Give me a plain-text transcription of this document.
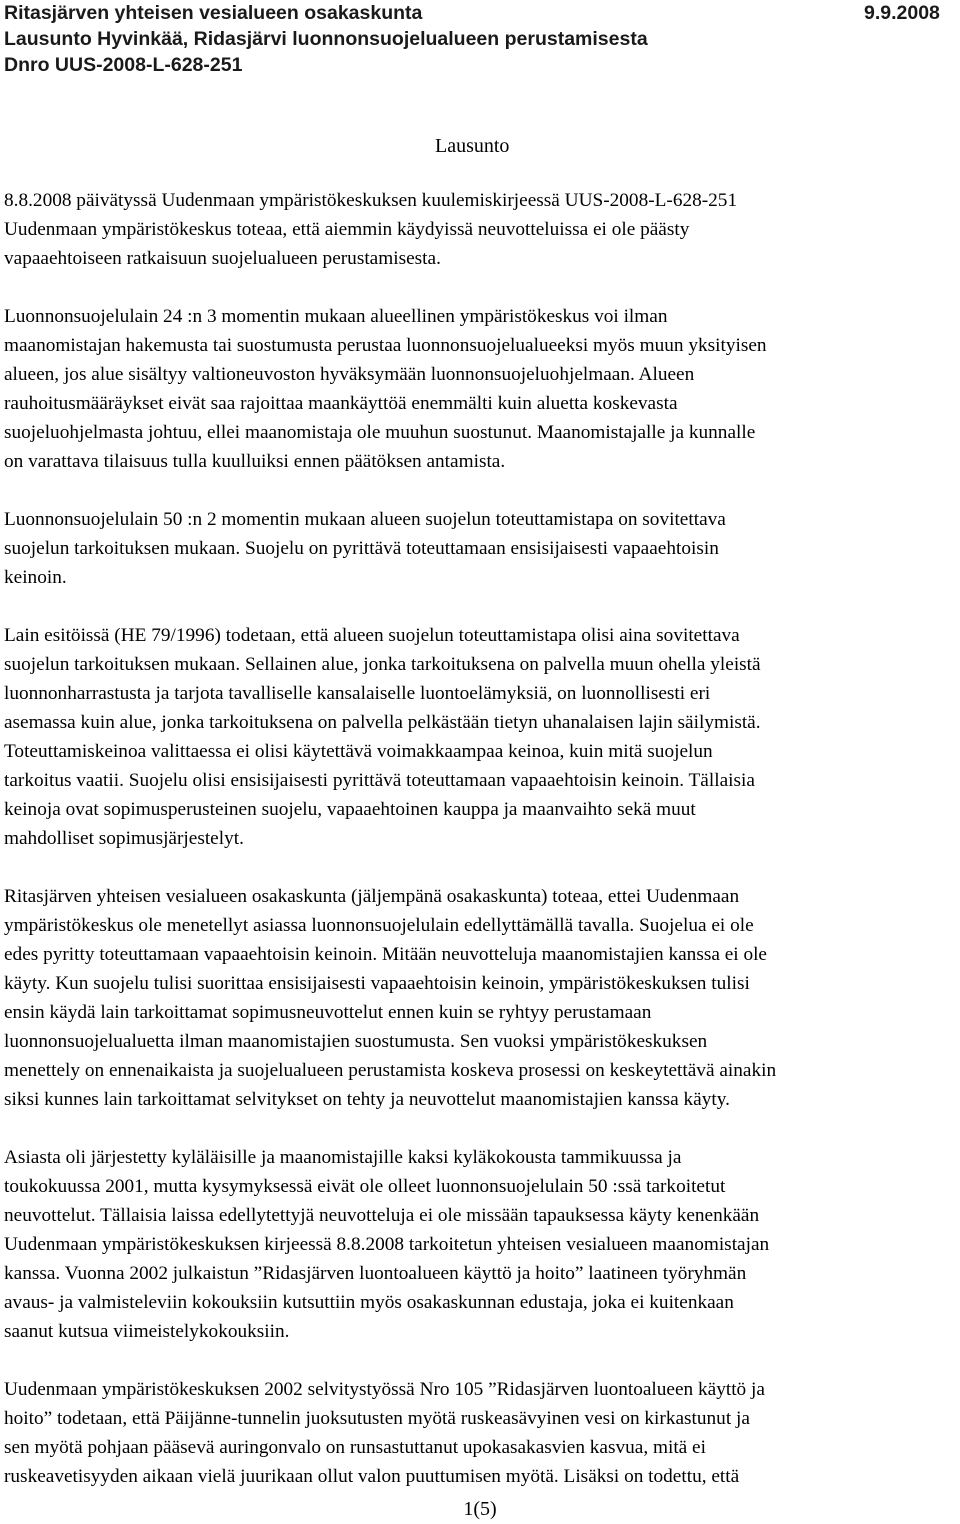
Ritasjärven yhteisen vesialueen osakaskunta	9.9.2008
Lausunto Hyvinkää, Ridasjärvi luonnonsuojelualueen perustamisesta
Dnro UUS-2008-L-628-251
Lausunto
8.8.2008 päivätyssä Uudenmaan ympäristökeskuksen kuulemiskirjeessä UUS-2008-L-628-251
Uudenmaan ympäristökeskus toteaa, että aiemmin käydyissä neuvotteluissa ei ole päästy
vapaaehtoiseen ratkaisuun suojelualueen perustamisesta.
Luonnonsuojelulain 24 :n 3 momentin mukaan alueellinen ympäristökeskus voi ilman
maanomistajan hakemusta tai suostumusta perustaa luonnonsuojelualueeksi myös muun yksityisen
alueen, jos alue sisältyy valtioneuvoston hyväksymään luonnonsuojeluohjelmaan. Alueen
rauhoitusmääräykset eivät saa rajoittaa maankäyttöä enemmälti kuin aluetta koskevasta
suojeluohjelmasta johtuu, ellei maanomistaja ole muuhun suostunut. Maanomistajalle ja kunnalle
on varattava tilaisuus tulla kuulluiksi ennen päätöksen antamista.
Luonnonsuojelulain 50 :n 2 momentin mukaan alueen suojelun toteuttamistapa on sovitettava
suojelun tarkoituksen mukaan. Suojelu on pyrittävä toteuttamaan ensisijaisesti vapaaehtoisin
keinoin.
Lain esitöissä (HE 79/1996) todetaan, että alueen suojelun toteuttamistapa olisi aina sovitettava
suojelun tarkoituksen mukaan. Sellainen alue, jonka tarkoituksena on palvella muun ohella yleistä
luonnonharrastusta ja tarjota tavalliselle kansalaiselle luontoelämyksiä, on luonnollisesti eri
asemassa kuin alue, jonka tarkoituksena on palvella pelkästään tietyn uhanalaisen lajin säilymistä.
Toteuttamiskeinoa valittaessa ei olisi käytettävä voimakkaampaa keinoa, kuin mitä suojelun
tarkoitus vaatii. Suojelu olisi ensisijaisesti pyrittävä toteuttamaan vapaaehtoisin keinoin. Tällaisia
keinoja ovat sopimusperusteinen suojelu, vapaaehtoinen kauppa ja maanvaihto sekä muut
mahdolliset sopimusjärjestelyt.
Ritasjärven yhteisen vesialueen osakaskunta (jäljempänä osakaskunta) toteaa, ettei Uudenmaan
ympäristökeskus ole menetellyt asiassa luonnonsuojelulain edellyttämällä tavalla. Suojelua ei ole
edes pyritty toteuttamaan vapaaehtoisin keinoin. Mitään neuvotteluja maanomistajien kanssa ei ole
käyty. Kun suojelu tulisi suorittaa ensisijaisesti vapaaehtoisin keinoin, ympäristökeskuksen tulisi
ensin käydä lain tarkoittamat sopimusneuvottelut ennen kuin se ryhtyy perustamaan
luonnonsuojelualuetta ilman maanomistajien suostumusta. Sen vuoksi ympäristökeskuksen
menettely on ennenaikaista ja suojelualueen perustamista koskeva prosessi on keskeytettävä ainakin
siksi kunnes lain tarkoittamat selvitykset on tehty ja neuvottelut maanomistajien kanssa käyty.
Asiasta oli järjestetty kyläläisille ja maanomistajille kaksi kyläkokousta tammikuussa ja
toukokuussa 2001, mutta kysymyksessä eivät ole olleet luonnonsuojelulain 50 :ssä tarkoitetut
neuvottelut. Tällaisia laissa edellytettyjä neuvotteluja ei ole missään tapauksessa käyty kenenkään
Uudenmaan ympäristökeskuksen kirjeessä 8.8.2008 tarkoitetun yhteisen vesialueen maanomistajan
kanssa. Vuonna 2002 julkaistun ”Ridasjärven luontoalueen käyttö ja hoito” laatineen työryhmän
avaus- ja valmisteleviin kokouksiin kutsuttiin myös osakaskunnan edustaja, joka ei kuitenkaan
saanut kutsua viimeistelykokouksiin.
Uudenmaan ympäristökeskuksen 2002 selvitystyössä Nro 105 ”Ridasjärven luontoalueen käyttö ja
hoito” todetaan, että Päijänne-tunnelin juoksutusten myötä ruskeasävyinen vesi on kirkastunut ja
sen myötä pohjaan pääsevä auringonvalo on runsastuttanut upokasakasvien kasvua, mitä ei
ruskeavetisyyden aikaan vielä juurikaan ollut valon puuttumisen myötä. Lisäksi on todettu, että
1(5)
